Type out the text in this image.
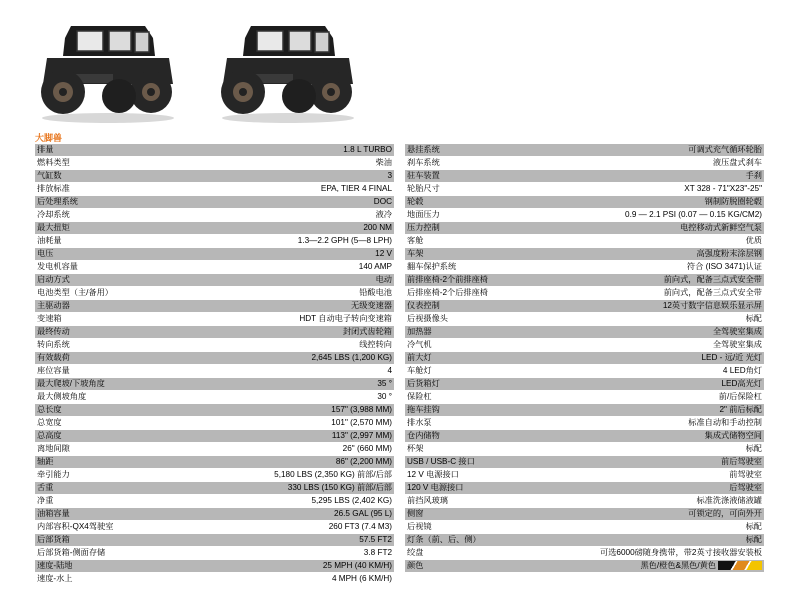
大脚兽
排量	1.8 L TURBO
燃料类型	柴油
气缸数	3
排放标准	EPA, TIER 4 FINAL
后处理系统	DOC
冷却系统	液冷
最大扭矩	200 NM
油耗量	1.3—2.2 GPH (5—8 LPH)
电压	12 V
发电机容量	140 AMP
启动方式	电动
电池类型（主/备用）	铅酸电池
主驱动器	无级变速器
变速箱	HDT 自动电子转向变速箱
最终传动	封闭式齿轮箱
转向系统	线控转向
有效载荷	2,645 LBS (1,200 KG)
座位容量	4
最大爬坡/下坡角度	35 °
最大侧坡角度	30 °
总长度	157" (3,988 MM)
总宽度	101" (2,570 MM)
总高度	113" (2,997 MM)
离地间隙	26" (660 MM)
轴距	86" (2,200 MM)
牵引能力	5,180 LBS (2,350 KG) 前部/后部
舌重	330 LBS (150 KG) 前部/后部
净重	5,295 LBS (2,402 KG)
油箱容量	26.5 GAL (95 L)
内部容积-QX4驾驶室	260 FT3 (7.4 M3)
后部货箱	57.5 FT2
后部货箱-侧面存储	3.8 FT2
速度-陆地	25 MPH (40 KM/H)
速度-水上	4 MPH (6 KM/H)
悬挂系统	可调式充气循环轮胎
刹车系统	液压盘式刹车
驻车装置	手刹
轮胎尺寸	XT 328 - 71"X23"-25"
轮毂	钢制防脱圈轮毂
地面压力	0.9 — 2.1 PSI (0.07 — 0.15 KG/CM2)
压力控制	电控移动式新鲜空气泵
客舱	优质
车架	高强度粉末涂层钢
翻车保护系统	符合 (ISO 3471)认证
前排座椅-2个前排座椅	前向式，配备三点式安全带
后排座椅-2个后排座椅	前向式，配备三点式安全带
仪表控制	12英寸数字信息娱乐显示屏
后视摄像头	标配
加热器	全驾驶室集成
冷气机	全驾驶室集成
前大灯	LED - 远/近 光灯
车舱灯	4 LED角灯
后货箱灯	LED高光灯
保险杠	前/后保险杠
拖车挂钩	2" 前后标配
排水泵	标准自动和手动控制
仓内储物	集成式储物空间
杯架	标配
USB / USB-C 接口	前后驾驶室
12 V 电源接口	前驾驶室
120 V 电源接口	后驾驶室
前挡风玻璃	标准洗涤液储液罐
侧窗	可锁定的，可向外开
后视镜	标配
灯条（前、后、侧）	标配
绞盘	可选6000磅随身携带，带2英寸接收器安装板
颜色	黑色/橙色&黑色/黄色
